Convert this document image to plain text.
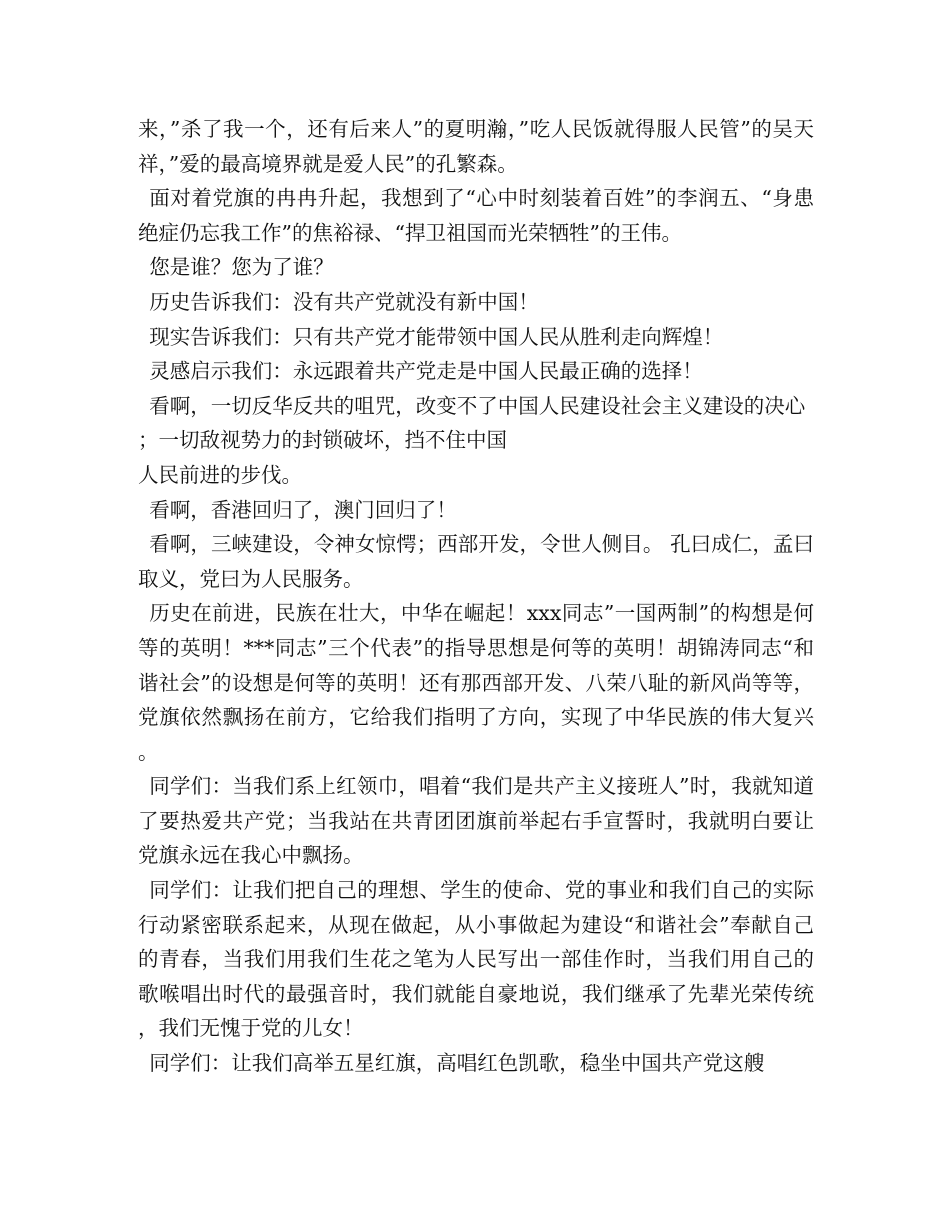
来，”杀了我一个，还有后来人”的夏明瀚，”吃人民饭就得服人民管”的吴天祥，”爱的最高境界就是爱人民”的孔繁森。

面对着党旗的冉冉升起，我想到了“心中时刻装着百姓”的李润五、“身患绝症仍忘我工作”的焦裕禄、“捍卫祖国而光荣牺牲”的王伟。

您是谁？您为了谁？

历史告诉我们：没有共产党就没有新中国！

现实告诉我们：只有共产党才能带领中国人民从胜利走向辉煌！

灵感启示我们：永远跟着共产党走是中国人民最正确的选择！

看啊，一切反华反共的咀咒，改变不了中国人民建设社会主义建设的决心；一切敌视势力的封锁破坏，挡不住中国

人民前进的步伐。

看啊，香港回归了，澳门回归了！

看啊，三峡建设，令神女惊愕；西部开发，令世人侧目。 孔曰成仁，孟曰取义，党曰为人民服务。

历史在前进，民族在壮大，中华在崛起！xxx同志”一国两制”的构想是何等的英明！***同志”三个代表”的指导思想是何等的英明！胡锦涛同志“和谐社会”的设想是何等的英明！还有那西部开发、八荣八耻的新风尚等等，党旗依然飘扬在前方，它给我们指明了方向，实现了中华民族的伟大复兴。

同学们：当我们系上红领巾，唱着“我们是共产主义接班人”时，我就知道了要热爱共产党；当我站在共青团团旗前举起右手宣誓时，我就明白要让党旗永远在我心中飘扬。

同学们：让我们把自己的理想、学生的使命、党的事业和我们自己的实际行动紧密联系起来，从现在做起，从小事做起为建设“和谐社会”奉献自己的青春，当我们用我们生花之笔为人民写出一部佳作时，当我们用自己的歌喉唱出时代的最强音时，我们就能自豪地说，我们继承了先辈光荣传统，我们无愧于党的儿女！

同学们：让我们高举五星红旗，高唱红色凯歌，稳坐中国共产党这艘
